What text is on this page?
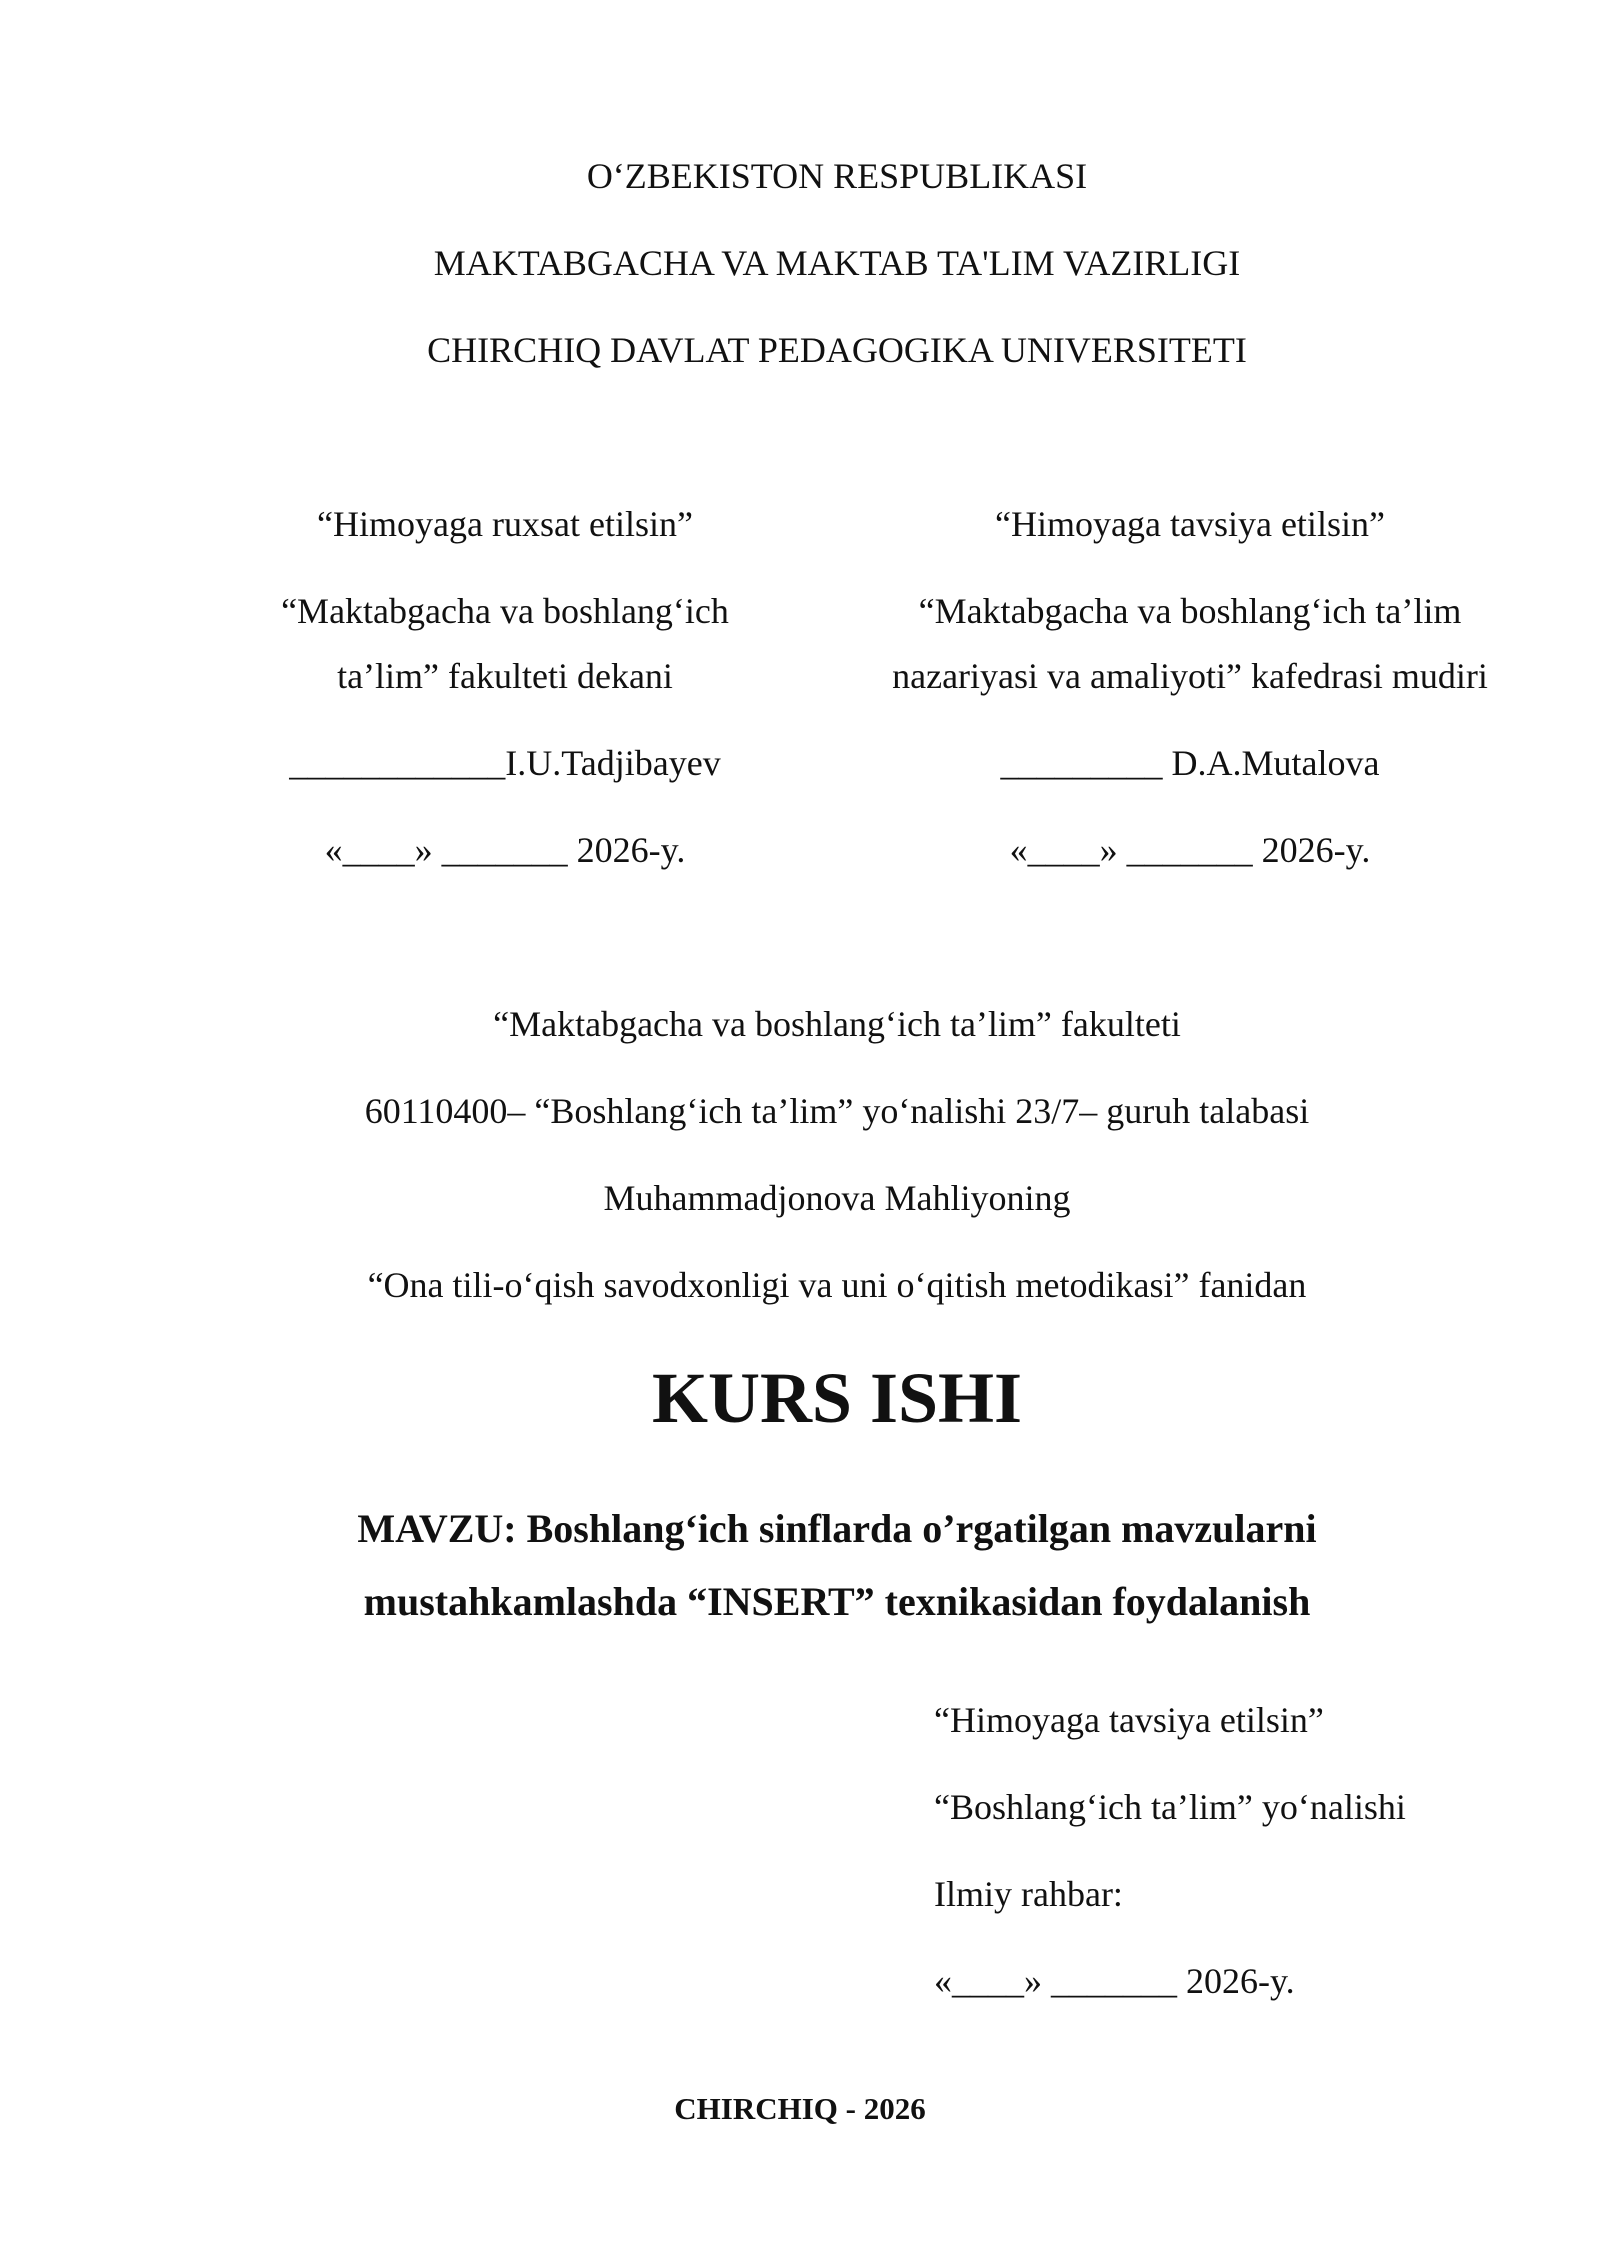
O‘ZBEKISTON RESPUBLIKASI
MAKTABGACHA VA MAKTAB TA'LIM VAZIRLIGI
CHIRCHIQ DAVLAT PEDAGOGIKA UNIVERSITETI
“Himoyaga ruxsat etilsin”
“Maktabgacha va boshlang‘ich
ta’lim” fakulteti dekani
____________I.U.Tadjibayev
«____» _______ 2026-y.
“Himoyaga tavsiya etilsin”
“Maktabgacha va boshlang‘ich ta’lim
nazariyasi va amaliyoti” kafedrasi mudiri
_________ D.A.Mutalova
«____» _______ 2026-y.
“Maktabgacha va boshlang‘ich ta’lim” fakulteti
60110400– “Boshlang‘ich ta’lim” yo‘nalishi 23/7– guruh talabasi
Muhammadjonova Mahliyoning
“Ona tili-o‘qish savodxonligi va uni o‘qitish metodikasi” fanidan
KURS ISHI
MAVZU: Boshlang‘ich sinflarda o’rgatilgan mavzularni
mustahkamlashda “INSERT” texnikasidan foydalanish
“Himoyaga tavsiya etilsin”
“Boshlang‘ich ta’lim” yo‘nalishi
Ilmiy rahbar:
«____» _______ 2026-y.
CHIRCHIQ - 2026
